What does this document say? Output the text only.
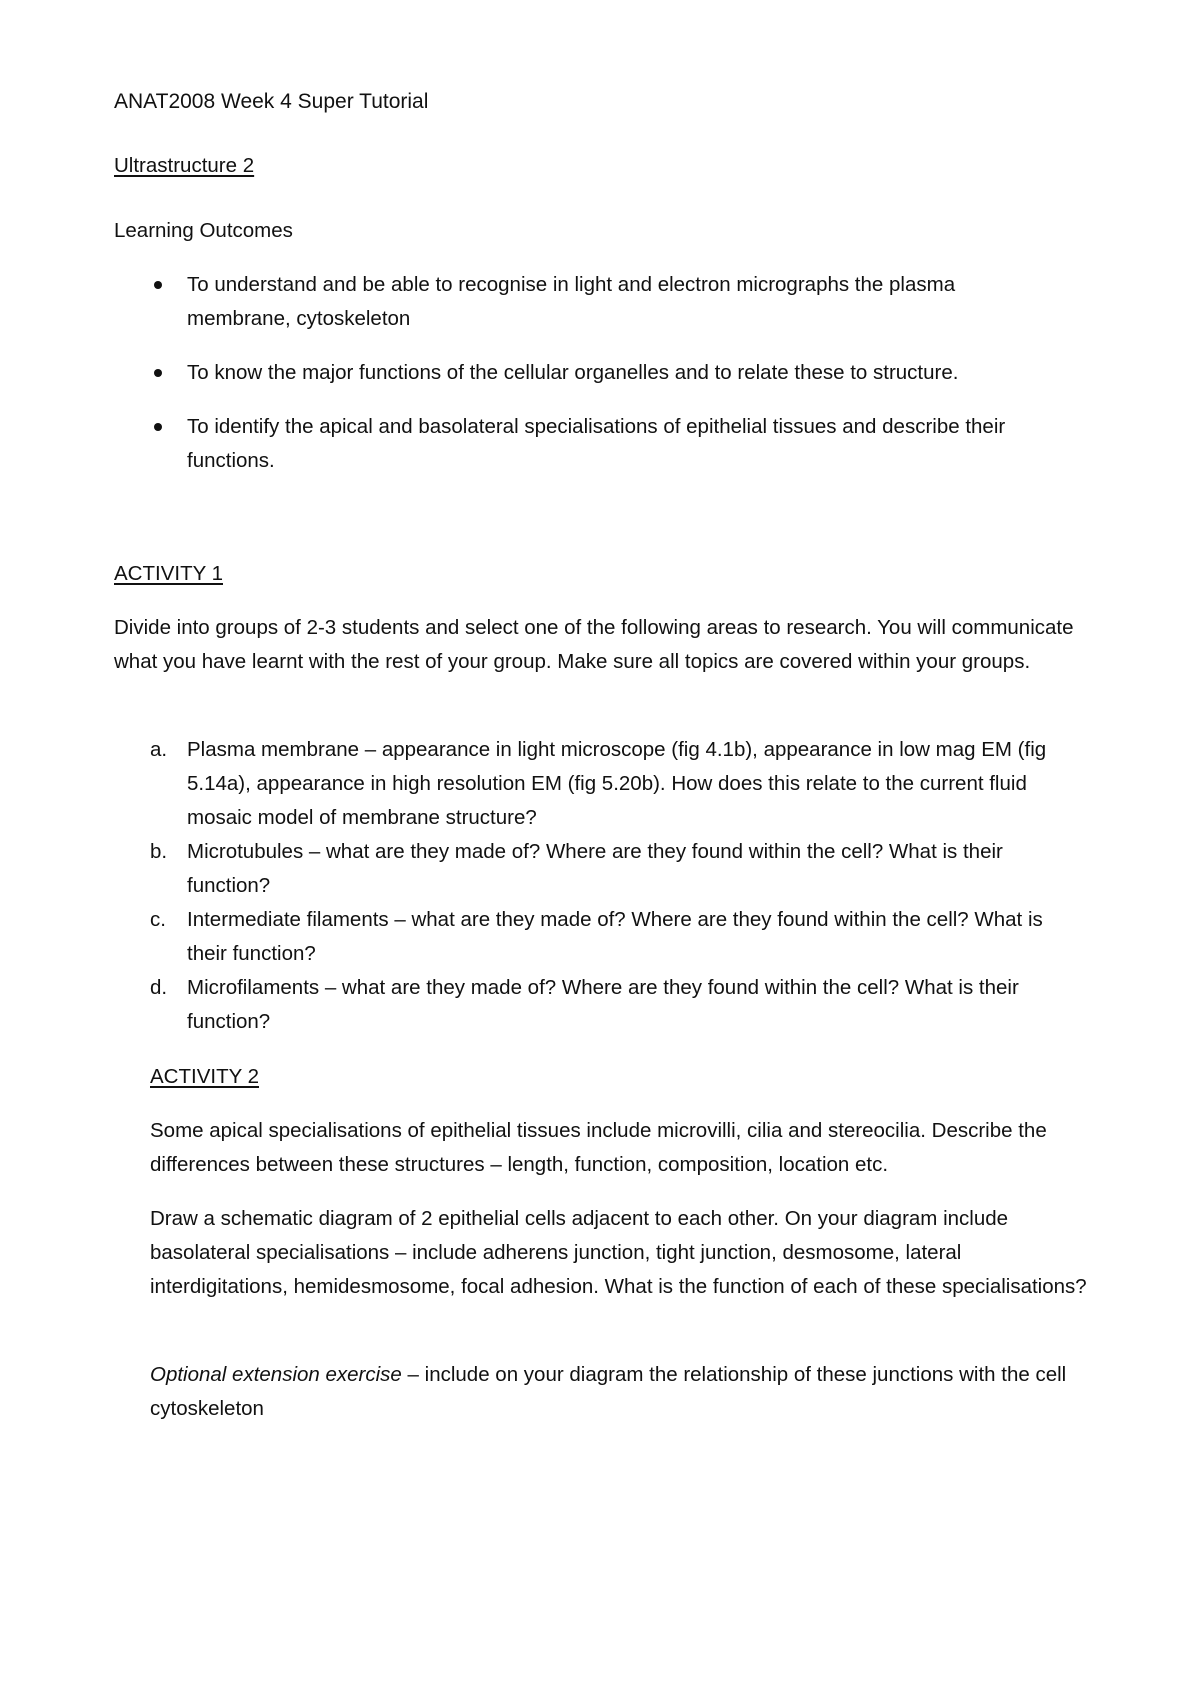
ANAT2008 Week 4 Super Tutorial
Ultrastructure 2
Learning Outcomes
To understand and be able to recognise in light and electron micrographs the plasma membrane, cytoskeleton
To know the major functions of the cellular organelles and to relate these to structure.
To identify the apical and basolateral specialisations of epithelial tissues and describe their functions.
ACTIVITY 1

Divide into groups of 2-3 students and select one of the following areas to research. You will communicate what you have learnt with the rest of your group. Make sure all topics are covered within your groups.

a. Plasma membrane – appearance in light microscope (fig 4.1b), appearance in low mag EM (fig 5.14a), appearance in high resolution EM (fig 5.20b). How does this relate to the current fluid mosaic model of membrane structure?
b. Microtubules – what are they made of? Where are they found within the cell? What is their function?
c. Intermediate filaments – what are they made of? Where are they found within the cell? What is their function?
d. Microfilaments – what are they made of? Where are they found within the cell? What is their function?
ACTIVITY 2

Some apical specialisations of epithelial tissues include microvilli, cilia and stereocilia. Describe the differences between these structures – length, function, composition, location etc.

Draw a schematic diagram of 2 epithelial cells adjacent to each other. On your diagram include basolateral specialisations – include adherens junction, tight junction, desmosome, lateral interdigitations, hemidesmosome, focal adhesion. What is the function of each of these specialisations?

Optional extension exercise – include on your diagram the relationship of these junctions with the cell cytoskeleton
